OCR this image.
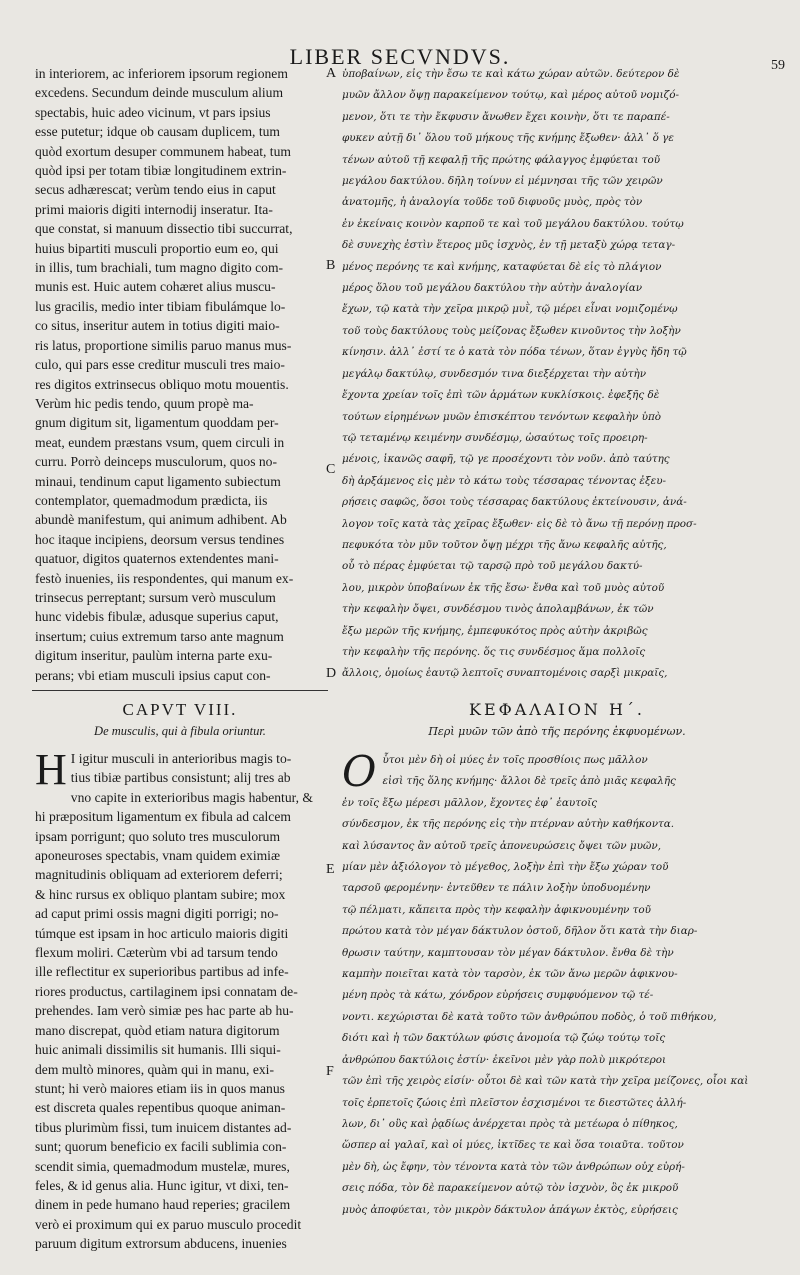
LIBER SECVNDVS.	59
in interiorem, ac inferiorem ipsorum regionem
excedens. Secundum deinde musculum alium
spectabis, huic adeo vicinum, vt pars ipsius
esse putetur; idque ob causam duplicem, tum
quòd exortum desuper communem habeat, tum
quòd ipsi per totam tibiæ longitudinem extrin-
secus adhærescat; verùm tendo eius in caput
primi maioris digiti internodij inseratur. Ita-
que constat, si manuum dissectio tibi succurrat,
huius bipartiti musculi proportio eum eo, qui
in illis, tum brachiali, tum magno digito com-
munis est. Huic autem cohæret alius muscu-
lus gracilis, medio inter tibiam fibulámque lo-
co situs, inseritur autem in totius digiti maio-
ris latus, proportione similis paruo manus mus-
culo, qui pars esse creditur musculi tres maio-
res digitos extrinsecus obliquo motu mouentis.
Verùm hic pedis tendo, quum propè ma-
gnum digitum sit, ligamentum quoddam per-
meat, eundem præstans vsum, quem circuli in
curru. Porrò deinceps musculorum, quos no-
minaui, tendinum caput ligamento subiectum
contemplator, quemadmodum prædicta, iis
abundè manifestum, qui animum adhibent. Ab
hoc itaque incipiens, deorsum versus tendines
quatuor, digitos quaternos extendentes mani-
festò inuenies, iis respondentes, qui manum ex-
trinsecus perreptant; sursum verò musculum
hunc videbis fibulæ, adusque superius caput,
insertum; cuius extremum tarso ante magnum
digitum inseritur, paulùm interna parte exu-
perans; vbi etiam musculi ipsius caput con-
ὑποβαίνων, εἰς τὴν ἔσω τε καὶ κάτω χώραν αὐτῶν. δεύτερον δὲ
μυῶν ἄλλον ὄψῃ παρακείμενον τούτῳ, καὶ μέρος αὐτοῦ νομιζό-
μενον, ὅτι τε τὴν ἔκφυσιν ἄνωθεν ἔχει κοινὴν, ὅτι τε παραπέ-
φυκεν αὐτῇ δι᾽ ὅλου τοῦ μήκους τῆς κνήμης ἔξωθεν· ἀλλ᾽ ὅ γε
τένων αὐτοῦ τῇ κεφαλῇ τῆς πρώτης φάλαγγος ἐμφύεται τοῦ
μεγάλου δακτύλου. δῆλη τοίνυν εἰ μέμνησαι τῆς τῶν χειρῶν
ἀνατομῆς, ἡ ἀναλογία τοῦδε τοῦ διφυοῦς μυὸς, πρὸς τὸν
ἐν ἐκείναις κοινὸν καρποῦ τε καὶ τοῦ μεγάλου δακτύλου. τούτῳ
δὲ συνεχὴς ἐστὶν ἕτερος μῦς ἰσχνὸς, ἐν τῇ μεταξὺ χώρᾳ τεταγ-
μένος περόνης τε καὶ κνήμης, καταφύεται δὲ εἰς τὸ πλάγιον
μέρος ὅλου τοῦ μεγάλου δακτύλου τὴν αὐτὴν ἀναλογίαν
ἔχων, τῷ κατὰ τὴν χεῖρα μικρῷ μυῒ, τῷ μέρει εἶναι νομιζομένῳ
τοῦ τοὺς δακτύλους τοὺς μείζονας ἔξωθεν κινοῦντος τὴν λοξὴν
κίνησιν. ἀλλ᾽ ἐστί τε ὁ κατὰ τὸν πόδα τένων, ὅταν ἐγγὺς ἤδη τῷ
μεγάλῳ δακτύλῳ, συνδεσμόν τινα διεξέρχεται τὴν αὐτὴν
ἔχοντα χρείαν τοῖς ἐπὶ τῶν ἁρμάτων κυκλίσκοις. ἐφεξῆς δὲ
τούτων εἰρημένων μυῶν ἐπισκέπτου τενόντων κεφαλὴν ὑπὸ
τῷ τεταμένῳ κειμένην συνδέσμῳ, ὡσαύτως τοῖς προειρη-
μένοις, ἱκανῶς σαφῆ, τῷ γε προσέχοντι τὸν νοῦν. ἀπὸ ταύτης
δὴ ἀρξάμενος εἰς μὲν τὸ κάτω τοὺς τέσσαρας τένοντας ἐξευ-
ρήσεις σαφῶς, ὅσοι τοὺς τέσσαρας δακτύλους ἐκτείνουσιν, ἀνά-
λογον τοῖς κατὰ τὰς χεῖρας ἔξωθεν· εἰς δὲ τὸ ἄνω τῇ περόνῃ προσ-
πεφυκότα τὸν μῦν τοῦτον ὄψῃ μέχρι τῆς ἄνω κεφαλῆς αὐτῆς,
οὗ τὸ πέρας ἐμφύεται τῷ ταρσῷ πρὸ τοῦ μεγάλου δακτύ-
λου, μικρὸν ὑποβαίνων ἐκ τῆς ἔσω· ἔνθα καὶ τοῦ μυὸς αὐτοῦ
τὴν κεφαλὴν ὄψει, συνδέσμου τινὸς ἀπολαμβάνων, ἐκ τῶν
ἔξω μερῶν τῆς κνήμης, ἐμπεφυκότος πρὸς αὐτὴν ἀκριβῶς
τὴν κεφαλὴν τῆς περόνης. ὅς τις συνδέσμος ἅμα πολλοῖς
ἄλλοις, ὁμοίως ἑαυτῷ λεπτοῖς συναπτομένοις σαρξὶ μικραῖς,
A
B
C
D
E
F

CAPVT VIII.

De musculis, qui à fibula oriuntur.

H I igitur musculi in anterioribus magis to-
tius tibiæ partibus consistunt; alij tres ab
vno capite in exterioribus magis habentur, &
hi præpositum ligamentum ex fibula ad calcem
ipsam porrigunt; quo soluto tres musculorum
aponeuroses spectabis, vnam quidem eximiæ
magnitudinis obliquam ad exteriorem deferri;
& hinc rursus ex obliquo plantam subire; mox
ad caput primi ossis magni digiti porrigi; no-
túmque est ipsam in hoc articulo maioris digiti
flexum moliri. Cæterùm vbi ad tarsum tendo
ille reflectitur ex superioribus partibus ad infe-
riores productus, cartilaginem ipsi connatam de-
prehendes. Iam verò simiæ pes hac parte ab hu-
mano discrepat, quòd etiam natura digitorum
huic animali dissimilis sit humanis. Illi siqui-
dem multò minores, quàm qui in manu, exi-
stunt; hi verò maiores etiam iis in quos manus
est discreta quales repentibus quoque animan-
tibus plurimùm fissi, tum inuicem distantes ad-
sunt; quorum beneficio ex facili sublimia con-
scendit simia, quemadmodum mustelæ, mures,
feles, & id genus alia. Hunc igitur, vt dixi, ten-
dinem in pede humano haud reperies; gracilem
verò ei proximum qui ex paruo musculo procedit
paruum digitum extrorsum abducens, inuenies

ΚΕΦΑΛΑΙΟΝ Η΄.

Περὶ μυῶν τῶν ἀπὸ τῆς περόνης ἐκφυομένων.

Ο ὗτοι μὲν δὴ οἱ μύες ἐν τοῖς προσθίοις πως μᾶλλον
εἰσὶ τῆς ὅλης κνήμης· ἄλλοι δὲ τρεῖς ἀπὸ μιᾶς κεφαλῆς
ἐν τοῖς ἔξω μέρεσι μᾶλλον, ἔχοντες ἐφ᾽ ἑαυτοῖς
σύνδεσμον, ἐκ τῆς περόνης εἰς τὴν πτέρναν αὐτὴν καθήκοντα.
καὶ λύσαντος ἂν αὐτοῦ τρεῖς ἀπονευρώσεις ὄψει τῶν μυῶν,
μίαν μὲν ἀξιόλογον τὸ μέγεθος, λοξὴν ἐπὶ τὴν ἔξω χώραν τοῦ
ταρσοῦ φερομένην· ἐντεῦθεν τε πάλιν λοξὴν ὑποδυομένην
τῷ πέλματι, κἄπειτα πρὸς τὴν κεφαλὴν ἀφικνουμένην τοῦ
πρώτου κατὰ τὸν μέγαν δάκτυλον ὀστοῦ, δῆλον ὅτι κατὰ τὴν διαρ-
θρωσιν ταύτην, καμπτουσαν τὸν μέγαν δάκτυλον. ἔνθα δὲ τὴν
καμπὴν ποιεῖται κατὰ τὸν ταρσὸν, ἐκ τῶν ἄνω μερῶν ἀφικνου-
μένη πρὸς τὰ κάτω, χόνδρον εὑρήσεις συμφυόμενον τῷ τέ-
νοντι. κεχώρισται δὲ κατὰ τοῦτο τῶν ἀνθρώπου ποδὸς, ὁ τοῦ πιθήκου,
διότι καὶ ἡ τῶν δακτύλων φύσις ἀνομοία τῷ ζώῳ τούτῳ τοῖς
ἀνθρώπου δακτύλοις ἐστίν· ἐκεῖνοι μὲν γὰρ πολὺ μικρότεροι
τῶν ἐπὶ τῆς χειρὸς εἰσίν· οὗτοι δὲ καὶ τῶν κατὰ τὴν χεῖρα μείζονες, οἷοι καὶ
τοῖς ἑρπετοῖς ζώοις ἐπὶ πλεῖστον ἐσχισμένοι τε διεστῶτες ἀλλή-
λων, δι᾽ οὓς καὶ ῥᾳδίως ἀνέρχεται πρὸς τὰ μετέωρα ὁ πίθηκος,
ὥσπερ αἱ γαλαῖ, καὶ οἱ μύες, ἰκτῖδες τε καὶ ὅσα τοιαῦτα. τοῦτον
μὲν δὴ, ὡς ἔφην, τὸν τένοντα κατὰ τὸν τῶν ἀνθρώπων οὐχ εὑρή-
σεις πόδα, τὸν δὲ παρακείμενον αὐτῷ τὸν ἰσχνὸν, ὃς ἐκ μικροῦ
μυὸς ἀποφύεται, τὸν μικρὸν δάκτυλον ἀπάγων ἐκτὸς, εὑρήσεις
